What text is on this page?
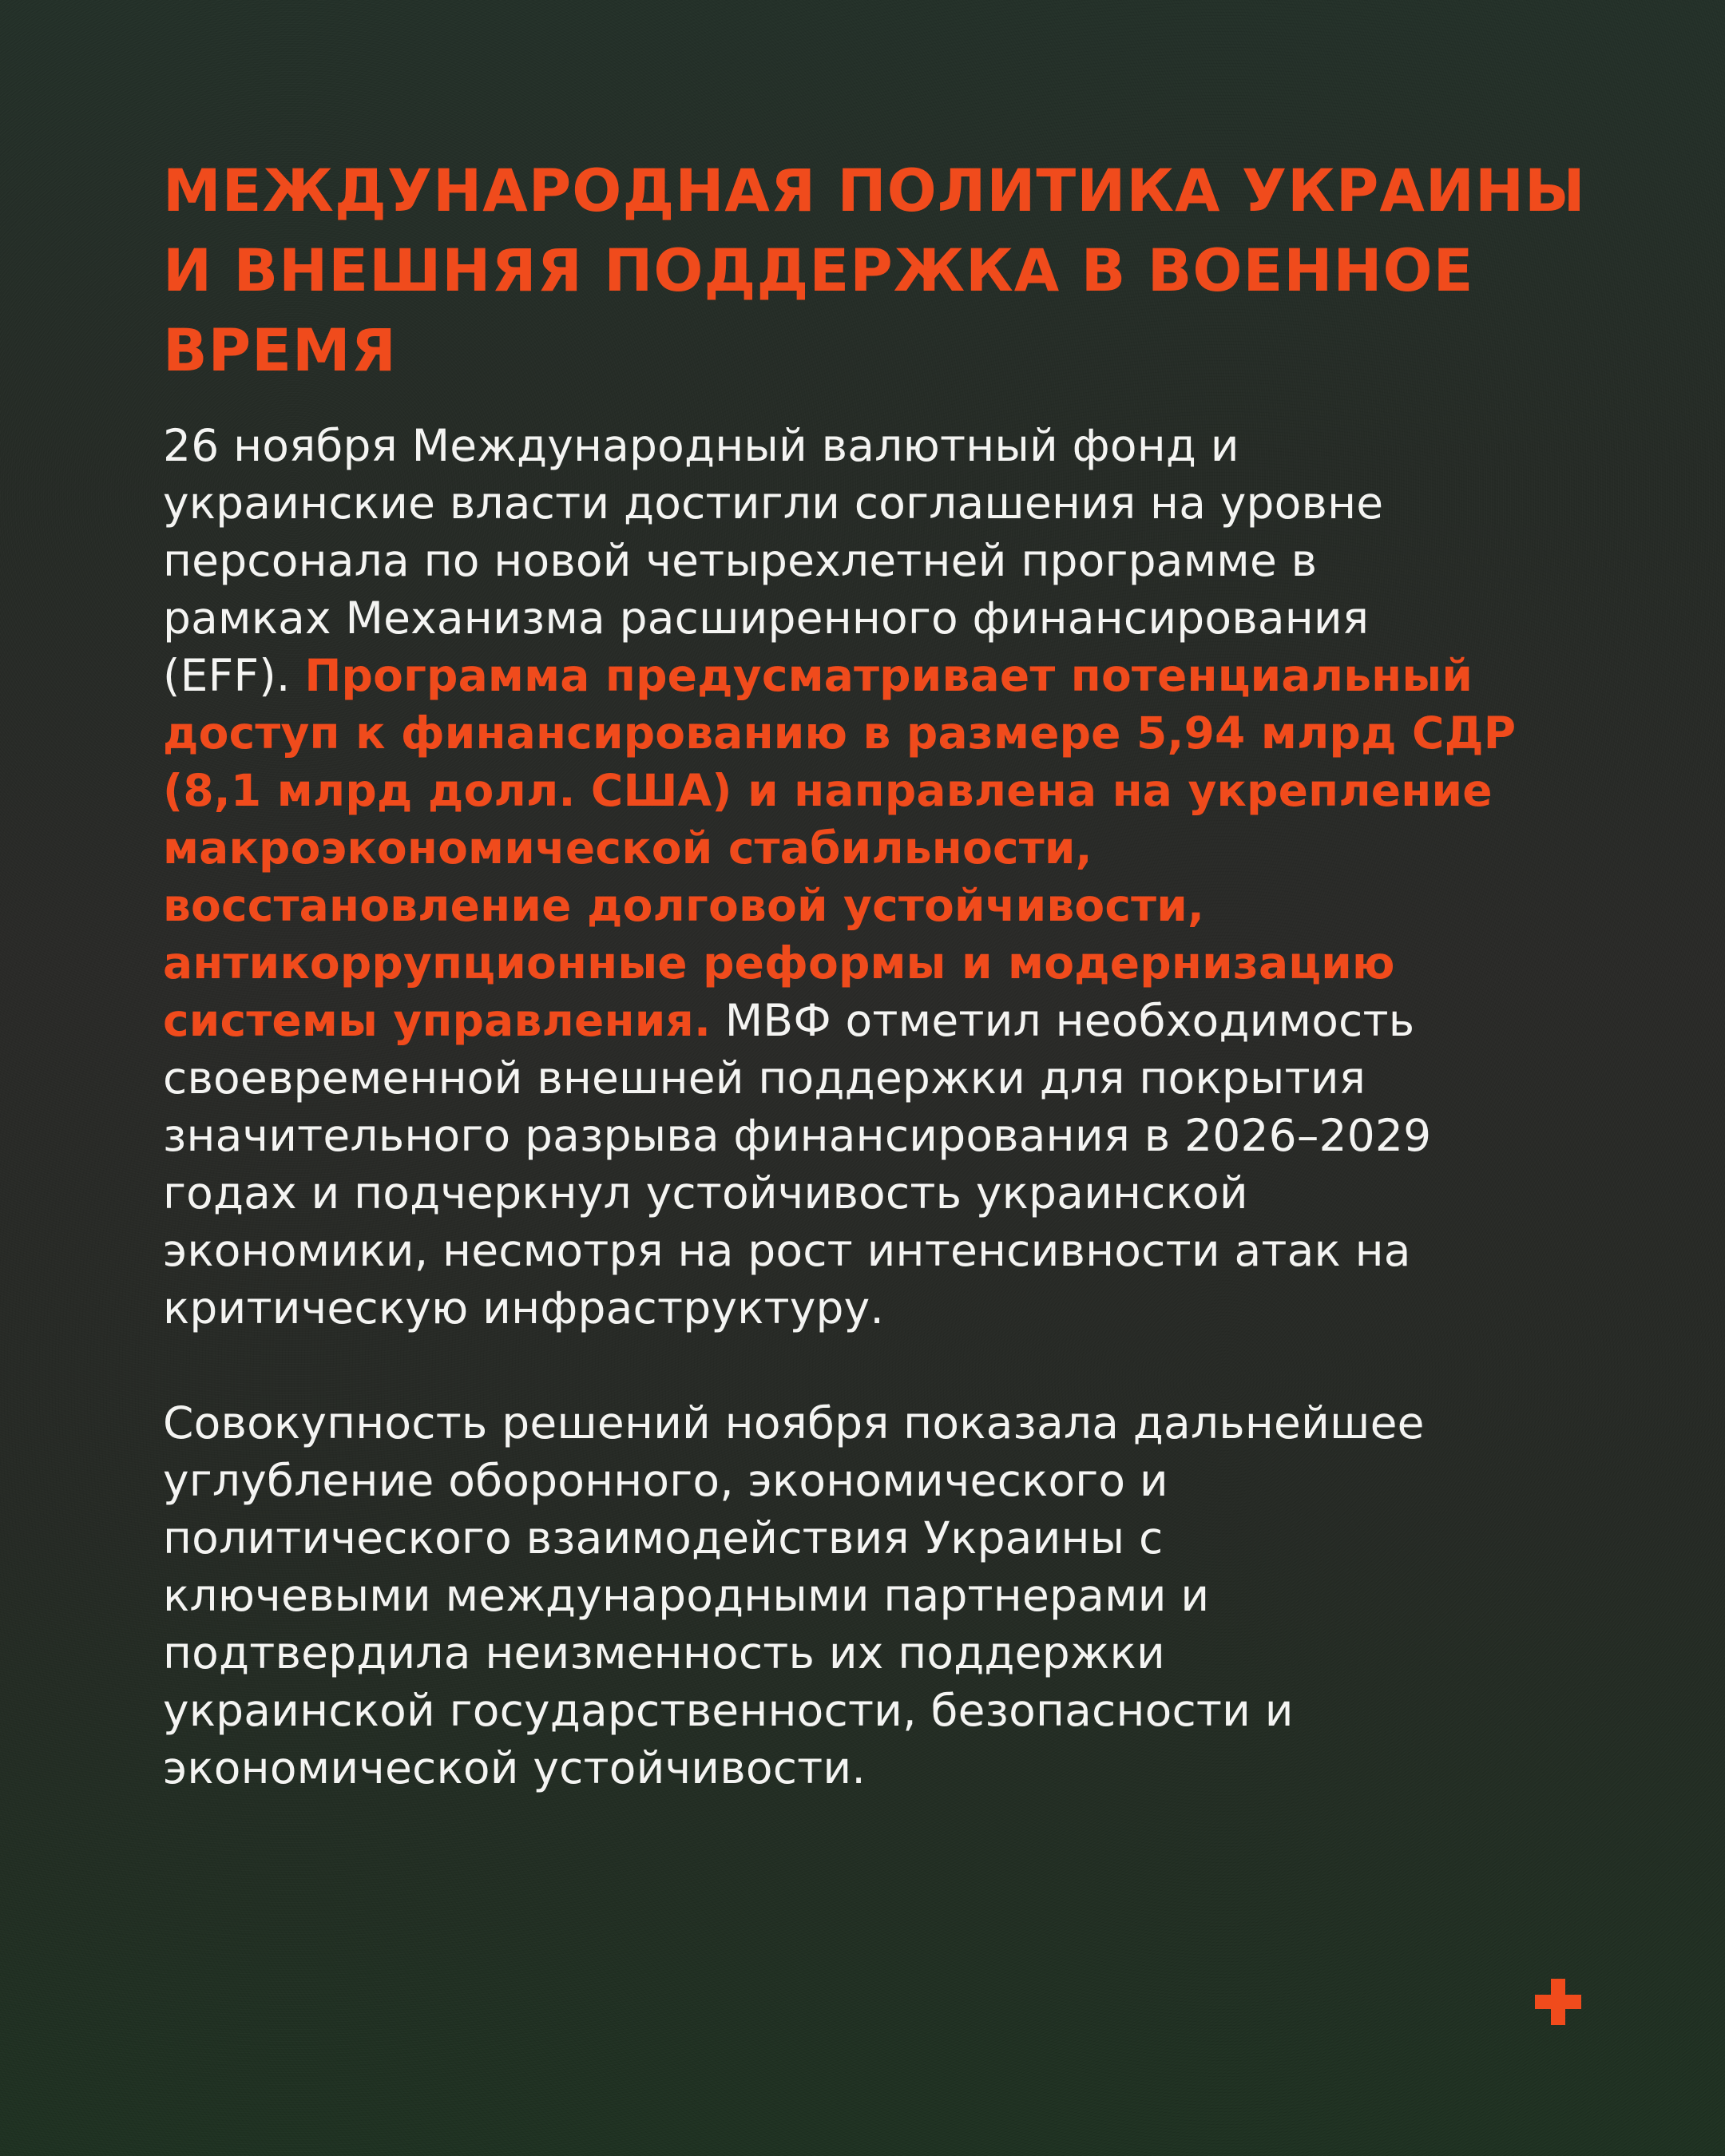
МЕЖДУНАРОДНАЯ ПОЛИТИКА УКРАИНЫ
И ВНЕШНЯЯ ПОДДЕРЖКА В ВОЕННОЕ
ВРЕМЯ

26 ноября Международный валютный фонд и
украинские власти достигли соглашения на уровне
персонала по новой четырехлетней программе в
рамках Механизма расширенного финансирования
(EFF). Программа предусматривает потенциальный
доступ к финансированию в размере 5,94 млрд СДР
(8,1 млрд долл. США) и направлена на укрепление
макроэкономической стабильности,
восстановление долговой устойчивости,
антикоррупционные реформы и модернизацию
системы управления. МВФ отметил необходимость
своевременной внешней поддержки для покрытия
значительного разрыва финансирования в 2026–2029
годах и подчеркнул устойчивость украинской
экономики, несмотря на рост интенсивности атак на
критическую инфраструктуру.

Совокупность решений ноября показала дальнейшее
углубление оборонного, экономического и
политического взаимодействия Украины с
ключевыми международными партнерами и
подтвердила неизменность их поддержки
украинской государственности, безопасности и
экономической устойчивости.
